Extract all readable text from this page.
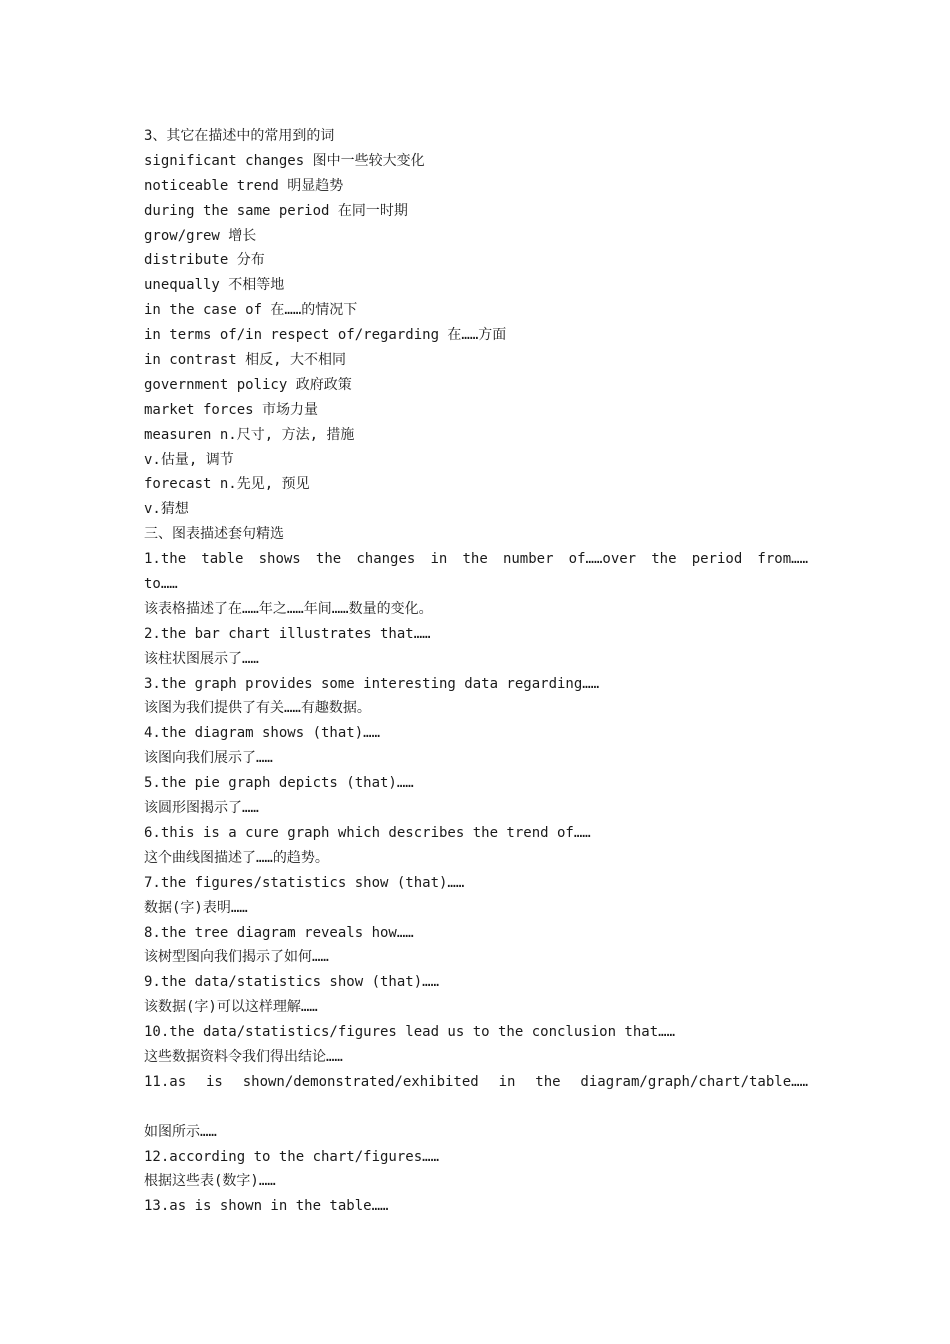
3、其它在描述中的常用到的词
significant changes 图中一些较大变化
noticeable trend 明显趋势
during the same period 在同一时期
grow/grew 增长
distribute 分布
unequally 不相等地
in the case of 在……的情况下
in terms of/in respect of/regarding 在……方面
in contrast 相反, 大不相同
government policy 政府政策
market forces 市场力量
measuren n.尺寸, 方法, 措施
v.估量, 调节
forecast n.先见, 预见
v.猜想
三、图表描述套句精选
1.the table shows the changes in the number of……over the period from……
to……
该表格描述了在……年之……年间……数量的变化。
2.the bar chart illustrates that……
该柱状图展示了……
3.the graph provides some interesting data regarding……
该图为我们提供了有关……有趣数据。
4.the diagram shows (that)……
该图向我们展示了……
5.the pie graph depicts (that)……
该圆形图揭示了……
6.this is a cure graph which describes the trend of……
这个曲线图描述了……的趋势。
7.the figures/statistics show (that)……
数据(字)表明……
8.the tree diagram reveals how……
该树型图向我们揭示了如何……
9.the data/statistics show (that)……
该数据(字)可以这样理解……
10.the data/statistics/figures lead us to the conclusion that……
这些数据资料令我们得出结论……
11.as is shown/demonstrated/exhibited in the diagram/graph/chart/table……
如图所示……
12.according to the chart/figures……
根据这些表(数字)……
13.as is shown in the table……
